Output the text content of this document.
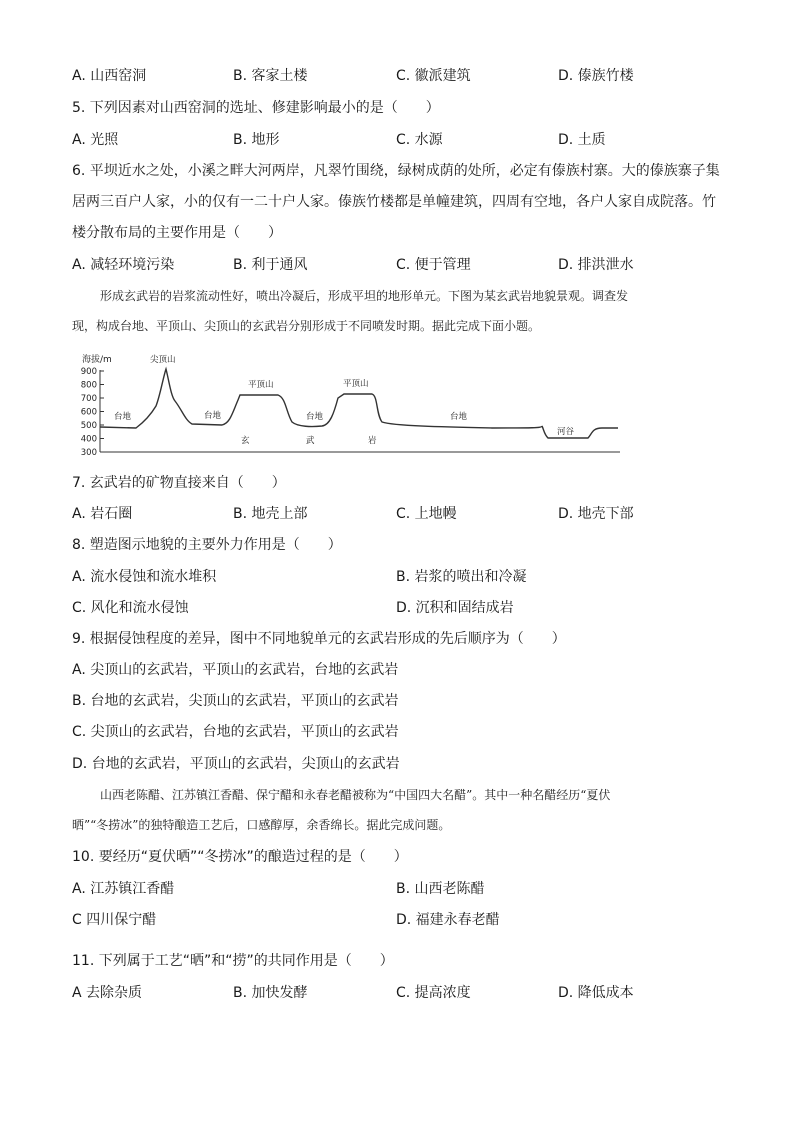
A. 山西窑洞	B. 客家土楼	C. 徽派建筑	D. 傣族竹楼
5. 下列因素对山西窑洞的选址、修建影响最小的是（　　）
A. 光照	B. 地形	C. 水源	D. 土质
6. 平坝近水之处，小溪之畔大河两岸，凡翠竹围绕，绿树成荫的处所，必定有傣族村寨。大的傣族寨子集
居两三百户人家，小的仅有一二十户人家。傣族竹楼都是单幢建筑，四周有空地，各户人家自成院落。竹
楼分散布局的主要作用是（　　）
A. 减轻环境污染	B. 利于通风	C. 便于管理	D. 排洪泄水
形成玄武岩的岩浆流动性好，喷出冷凝后，形成平坦的地形单元。下图为某玄武岩地貌景观。调查发
现，构成台地、平顶山、尖顶山的玄武岩分别形成于不同喷发时期。据此完成下面小题。
海拔/m
900
800
700
600
500
400
300
尖顶山
平顶山	平顶山
台地	台地	台地	台地
河谷
玄	武	岩
7. 玄武岩的矿物直接来自（　　）
A. 岩石圈	B. 地壳上部	C. 上地幔	D. 地壳下部
8. 塑造图示地貌的主要外力作用是（　　）
A. 流水侵蚀和流水堆积	B. 岩浆的喷出和冷凝
C. 风化和流水侵蚀	D. 沉积和固结成岩
9. 根据侵蚀程度的差异，图中不同地貌单元的玄武岩形成的先后顺序为（　　）
A. 尖顶山的玄武岩，平顶山的玄武岩，台地的玄武岩
B. 台地的玄武岩，尖顶山的玄武岩，平顶山的玄武岩
C. 尖顶山的玄武岩，台地的玄武岩，平顶山的玄武岩
D. 台地的玄武岩，平顶山的玄武岩，尖顶山的玄武岩
山西老陈醋、江苏镇江香醋、保宁醋和永春老醋被称为“中国四大名醋”。其中一种名醋经历“夏伏
晒”“冬捞冰”的独特酿造工艺后，口感醇厚，余香绵长。据此完成问题。
10. 要经历“夏伏晒”“冬捞冰”的酿造过程的是（　　）
A. 江苏镇江香醋	B. 山西老陈醋
C 四川保宁醋	D. 福建永春老醋
11. 下列属于工艺“晒”和“捞”的共同作用是（　　）
A 去除杂质	B. 加快发酵	C. 提高浓度	D. 降低成本
